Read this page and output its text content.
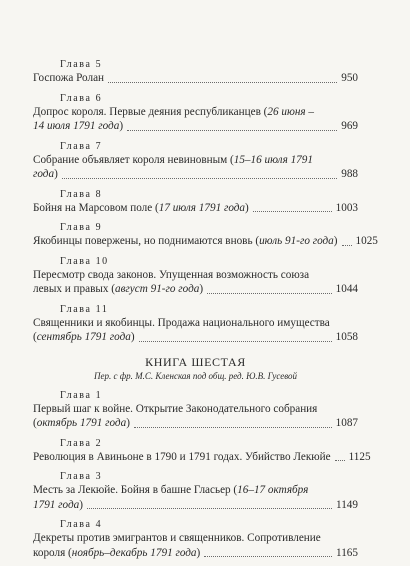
Глава 5
Госпожа Ролан	950
Глава 6
Допрос короля. Первые деяния республиканцев (26 июня –
14 июля 1791 года)	969
Глава 7
Собрание объявляет короля невиновным (15–16 июля 1791
года)	988
Глава 8
Бойня на Марсовом поле (17 июля 1791 года)	1003
Глава 9
Якобинцы повержены, но поднимаются вновь (июль 91-го года) 1025
Глава 10
Пересмотр свода законов. Упущенная возможность союза
левых и правых (август 91-го года)	1044
Глава 11
Священники и якобинцы. Продажа национального имущества
(сентябрь 1791 года)	1058
КНИГА ШЕСТАЯ
Пер. с фр. М.С. Кленская под общ. ред. Ю.В. Гусевой
Глава 1
Первый шаг к войне. Открытие Законодательного собрания
(октябрь 1791 года)	1087
Глава 2
Революция в Авиньоне в 1790 и 1791 годах. Убийство Лекюйе 1125
Глава 3
Месть за Лекюйе. Бойня в башне Гласьер (16–17 октября
1791 года)	1149
Глава 4
Декреты против эмигрантов и священников. Сопротивление
короля (ноябрь–декабрь 1791 года)	1165
